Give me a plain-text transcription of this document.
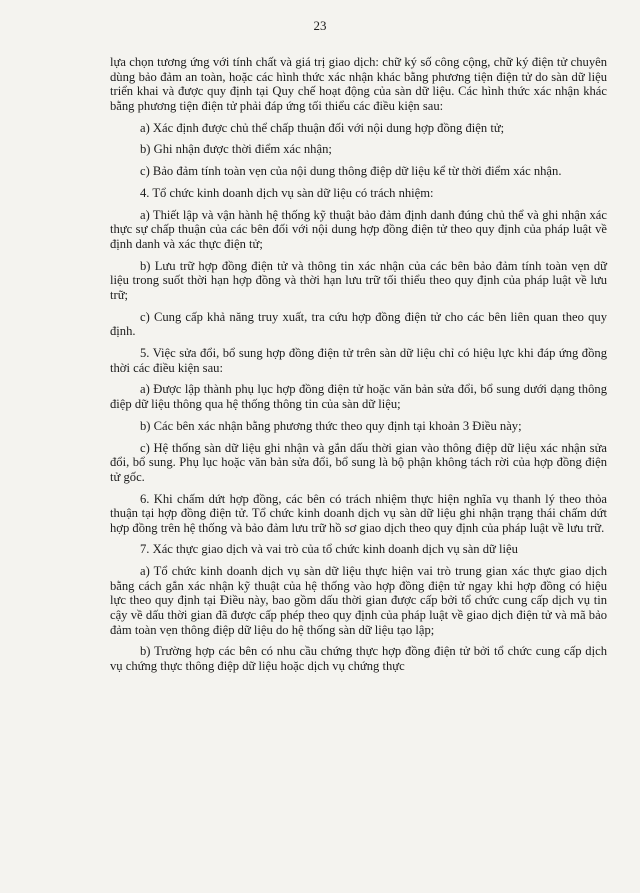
23

lựa chọn tương ứng với tính chất và giá trị giao dịch: chữ ký số công cộng, chữ ký điện tử chuyên dùng bảo đảm an toàn, hoặc các hình thức xác nhận khác bằng phương tiện điện tử do sàn dữ liệu triển khai và được quy định tại Quy chế hoạt động của sàn dữ liệu. Các hình thức xác nhận khác bằng phương tiện điện tử phải đáp ứng tối thiểu các điều kiện sau:

a) Xác định được chủ thể chấp thuận đối với nội dung hợp đồng điện tử;

b) Ghi nhận được thời điểm xác nhận;

c) Bảo đảm tính toàn vẹn của nội dung thông điệp dữ liệu kể từ thời điểm xác nhận.

4. Tổ chức kinh doanh dịch vụ sàn dữ liệu có trách nhiệm:

a) Thiết lập và vận hành hệ thống kỹ thuật bảo đảm định danh đúng chủ thể và ghi nhận xác thực sự chấp thuận của các bên đối với nội dung hợp đồng điện tử theo quy định của pháp luật về định danh và xác thực điện tử;

b) Lưu trữ hợp đồng điện tử và thông tin xác nhận của các bên bảo đảm tính toàn vẹn dữ liệu trong suốt thời hạn hợp đồng và thời hạn lưu trữ tối thiểu theo quy định của pháp luật về lưu trữ;

c) Cung cấp khả năng truy xuất, tra cứu hợp đồng điện tử cho các bên liên quan theo quy định.

5. Việc sửa đổi, bổ sung hợp đồng điện tử trên sàn dữ liệu chỉ có hiệu lực khi đáp ứng đồng thời các điều kiện sau:

a) Được lập thành phụ lục hợp đồng điện tử hoặc văn bản sửa đổi, bổ sung dưới dạng thông điệp dữ liệu thông qua hệ thống thông tin của sàn dữ liệu;

b) Các bên xác nhận bằng phương thức theo quy định tại khoản 3 Điều này;

c) Hệ thống sàn dữ liệu ghi nhận và gắn dấu thời gian vào thông điệp dữ liệu xác nhận sửa đổi, bổ sung. Phụ lục hoặc văn bản sửa đổi, bổ sung là bộ phận không tách rời của hợp đồng điện tử gốc.

6. Khi chấm dứt hợp đồng, các bên có trách nhiệm thực hiện nghĩa vụ thanh lý theo thỏa thuận tại hợp đồng điện tử. Tổ chức kinh doanh dịch vụ sàn dữ liệu ghi nhận trạng thái chấm dứt hợp đồng trên hệ thống và bảo đảm lưu trữ hồ sơ giao dịch theo quy định của pháp luật về lưu trữ.

7. Xác thực giao dịch và vai trò của tổ chức kinh doanh dịch vụ sàn dữ liệu

a) Tổ chức kinh doanh dịch vụ sàn dữ liệu thực hiện vai trò trung gian xác thực giao dịch bằng cách gắn xác nhận kỹ thuật của hệ thống vào hợp đồng điện tử ngay khi hợp đồng có hiệu lực theo quy định tại Điều này, bao gồm dấu thời gian được cấp bởi tổ chức cung cấp dịch vụ tin cậy về dấu thời gian đã được cấp phép theo quy định của pháp luật về giao dịch điện tử và mã bảo đảm toàn vẹn thông điệp dữ liệu do hệ thống sàn dữ liệu tạo lập;

b) Trường hợp các bên có nhu cầu chứng thực hợp đồng điện tử bởi tổ chức cung cấp dịch vụ chứng thực thông điệp dữ liệu hoặc dịch vụ chứng thực
